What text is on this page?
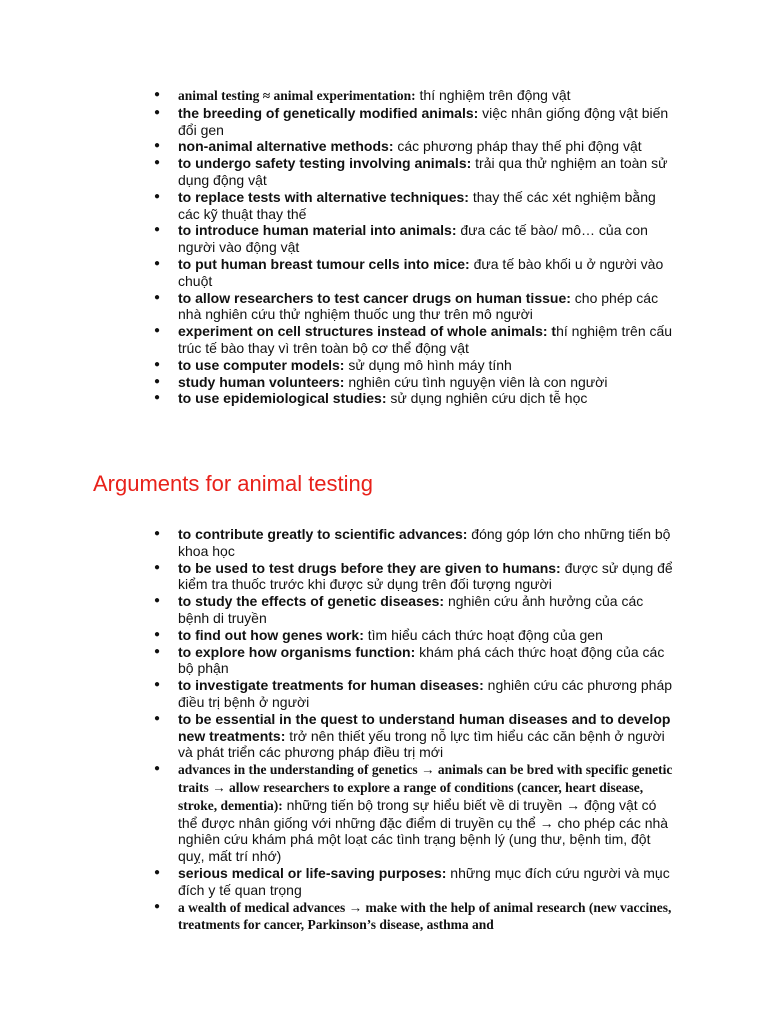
● animal testing ≈ animal experimentation: thí nghiệm trên động vật
● the breeding of genetically modified animals: việc nhân giống động vật biến đổi gen
● non-animal alternative methods: các phương pháp thay thế phi động vật
● to undergo safety testing involving animals: trải qua thử nghiệm an toàn sử dụng động vật
● to replace tests with alternative techniques: thay thế các xét nghiệm bằng các kỹ thuật thay thế
● to introduce human material into animals: đưa các tế bào/ mô… của con người vào động vật
● to put human breast tumour cells into mice: đưa tế bào khối u ở người vào chuột
● to allow researchers to test cancer drugs on human tissue: cho phép các nhà nghiên cứu thử nghiệm thuốc ung thư trên mô người
● experiment on cell structures instead of whole animals: thí nghiệm trên cấu trúc tế bào thay vì trên toàn bộ cơ thể động vật
● to use computer models: sử dụng mô hình máy tính
● study human volunteers: nghiên cứu tình nguyện viên là con người
● to use epidemiological studies: sử dụng nghiên cứu dịch tễ học
Arguments for animal testing
● to contribute greatly to scientific advances: đóng góp lớn cho những tiến bộ khoa học
● to be used to test drugs before they are given to humans: được sử dụng để kiểm tra thuốc trước khi được sử dụng trên đối tượng người
● to study the effects of genetic diseases: nghiên cứu ảnh hưởng của các bệnh di truyền
● to find out how genes work: tìm hiểu cách thức hoạt động của gen
● to explore how organisms function: khám phá cách thức hoạt động của các bộ phận
● to investigate treatments for human diseases: nghiên cứu các phương pháp điều trị bệnh ở người
● to be essential in the quest to understand human diseases and to develop new treatments: trở nên thiết yếu trong nỗ lực tìm hiểu các căn bệnh ở người và phát triển các phương pháp điều trị mới
● advances in the understanding of genetics → animals can be bred with specific genetic traits → allow researchers to explore a range of conditions (cancer, heart disease, stroke, dementia): những tiến bộ trong sự hiểu biết về di truyền → động vật có thể được nhân giống với những đặc điểm di truyền cụ thể → cho phép các nhà nghiên cứu khám phá một loạt các tình trạng bệnh lý (ung thư, bệnh tim, đột quỵ, mất trí nhớ)
● serious medical or life-saving purposes: những mục đích cứu người và mục đích y tế quan trọng
● a wealth of medical advances → make with the help of animal research (new vaccines, treatments for cancer, Parkinson’s disease, asthma and
